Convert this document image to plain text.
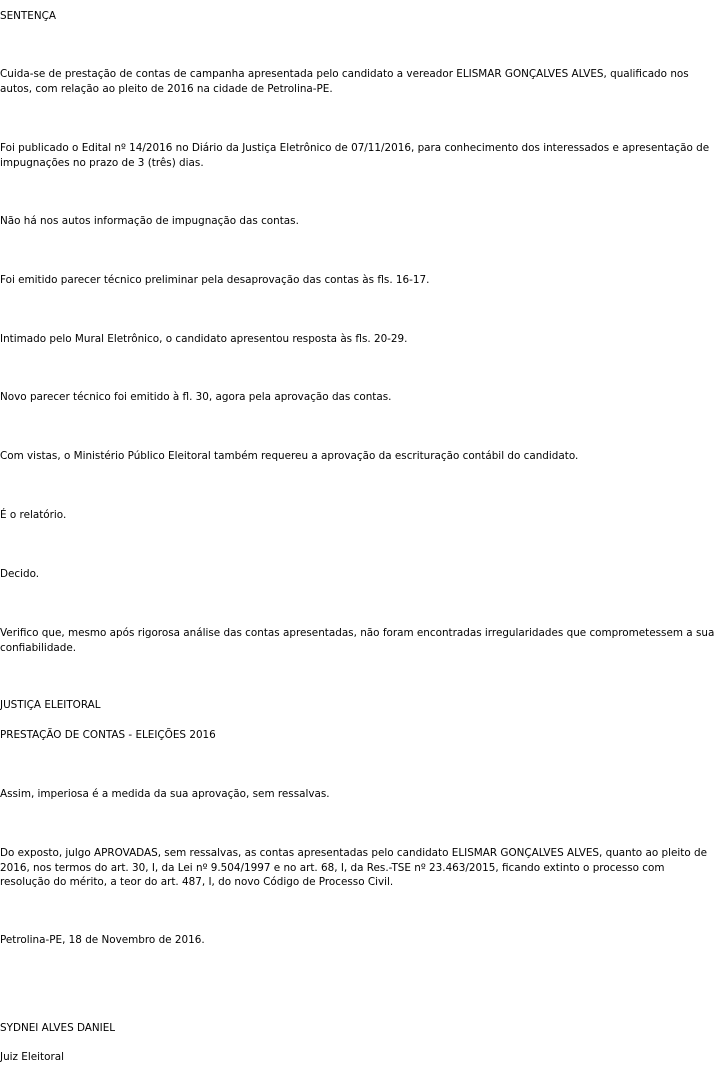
SENTENÇA

Cuida-se de prestação de contas de campanha apresentada pelo candidato a vereador ELISMAR GONÇALVES ALVES, qualificado nos autos, com relação ao pleito de 2016 na cidade de Petrolina-PE.

Foi publicado o Edital nº 14/2016 no Diário da Justiça Eletrônico de 07/11/2016, para conhecimento dos interessados e apresentação de impugnações no prazo de 3 (três) dias.

Não há nos autos informação de impugnação das contas.

Foi emitido parecer técnico preliminar pela desaprovação das contas às fls. 16-17.

Intimado pelo Mural Eletrônico, o candidato apresentou resposta às fls. 20-29.

Novo parecer técnico foi emitido à fl. 30, agora pela aprovação das contas.

Com vistas, o Ministério Público Eleitoral também requereu a aprovação da escrituração contábil do candidato.

É o relatório.

Decido.

Verifico que, mesmo após rigorosa análise das contas apresentadas, não foram encontradas irregularidades que comprometessem a sua confiabilidade.

JUSTIÇA ELEITORAL

PRESTAÇÃO DE CONTAS - ELEIÇÕES 2016

Assim, imperiosa é a medida da sua aprovação, sem ressalvas.

Do exposto, julgo APROVADAS, sem ressalvas, as contas apresentadas pelo candidato ELISMAR GONÇALVES ALVES, quanto ao pleito de 2016, nos termos do art. 30, I, da Lei nº 9.504/1997 e no art. 68, I, da Res.-TSE nº 23.463/2015, ficando extinto o processo com resolução do mérito, a teor do art. 487, I, do novo Código de Processo Civil.

Petrolina-PE, 18 de Novembro de 2016.

SYDNEI ALVES DANIEL

Juiz Eleitoral
